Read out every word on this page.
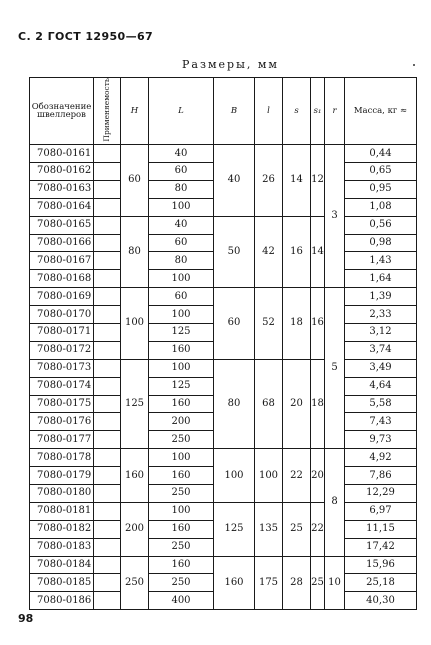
С. 2 ГОСТ 12950—67
Размеры, мм
Обозначение швеллеров	Применяемость	H	L	B	l	s	s₁	r	Масса, кг ≈
7080-0161		60	40	40	26	14	12	3	0,44
7080-0162			60						0,65
7080-0163			80						0,95
7080-0164			100						1,08
7080-0165		80	40	50	42	16	14		0,56
7080-0166			60						0,98
7080-0167			80						1,43
7080-0168			100						1,64
7080-0169		100	60	60	52	18	16	5	1,39
7080-0170			100						2,33
7080-0171			125						3,12
7080-0172			160						3,74
7080-0173		125	100	80	68	20	18		3,49
7080-0174			125						4,64
7080-0175			160						5,58
7080-0176			200						7,43
7080-0177			250						9,73
7080-0178		160	100	100	100	22	20	8	4,92
7080-0179			160						7,86
7080-0180			250						12,29
7080-0181		200	100	125	135	25	22		6,97
7080-0182			160						11,15
7080-0183			250						17,42
7080-0184		250	160	160	175	28	25	10	15,96
7080-0185			250						25,18
7080-0186			400						40,30
98
